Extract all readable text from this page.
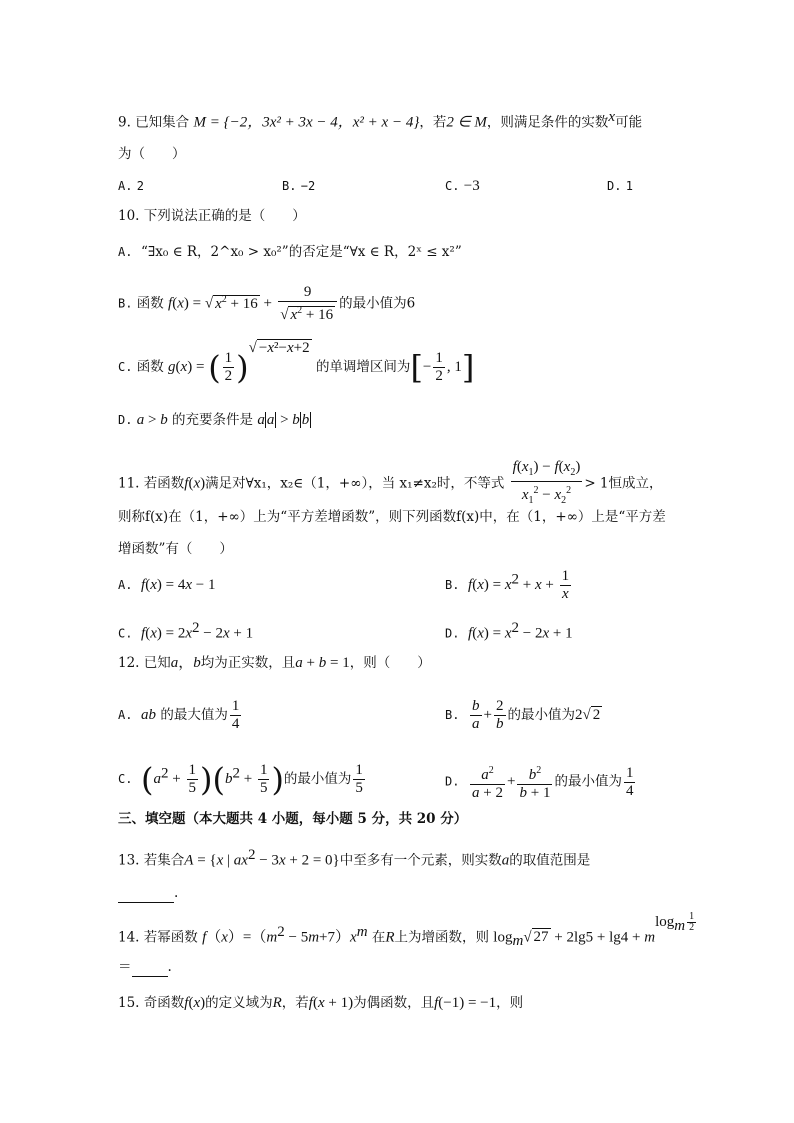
9. 已知集合 M = {−2，3x² + 3x − 4，x² + x − 4}，若2 ∈ M，则满足条件的实数$^x$可能
为（　　）
A. 2	B. −2	C. −3	D. 1
10. 下列说法正确的是（　　）
A. “∃x₀ ∈ R，2^x₀ > x₀²”的否定是“∀x ∈ R，2ˣ ≤ x²”
B. 函数 f(x) = √ $x^2 + 16 + \frac{9}{√ x^2 + 16}$ 的最小值为6
C. 函数 g(x) = ( $\frac{1}{2} )^{√ -x^2-x+2}$ 的单调增区间为[− $\frac{1}{2}$ , 1]
D. a > b 的充要条件是 a a > b b
11. 若函数f(x)满足对∀x₁，x₂∈（1，+∞），当 x₁≠x₂时，不等式 $\frac{f(x_1) - f(x_2)}{x_1^2 - x_2^2} > 1$恒成立，
则称f(x)在（1，+∞）上为“平方差增函数”，则下列函数f(x)中，在（1，+∞）上是“平方差
增函数”有（　　）
A. f(x) = 4x − 1	B. $f(x) = x^2 + x + \frac{1}{x}$
C. $f(x) = 2x^2 - 2x + 1$	D. $f(x) = x^2 - 2x + 1$
12. 已知a，b均为正实数，且a + b = 1，则（　　）
A. ab 的最大值为 $\frac{1}{4}$	B. $\frac{b}{a} + \frac{2}{b}$ 的最小值为2√ 2
C. $(a^2 + \frac{1}{5} )(b^2 + \frac{1}{5}$ )的最小值为 $\frac{1}{5}$	D. $\frac{a^2}{a + 2} + \frac{b^2}{b + 1}$ 的最小值为 $\frac{1}{4}$
三、填空题（本大题共 4 小题，每小题 5 分，共 20 分）
13. 若集合A = {x | $ax^2 - 3x + 2 = 0$}中至多有一个元素，则实数a的取值范围是
.
14. 若幂函数 $f(x)=(m^2 - 5m+7)x^m$ 在R上为增函数，则 $\log_m√$ $27 + 2\lg 5 + \lg 4 + m^{log_m \frac{1}{2}}$
＝	.
15. 奇函数f(x)的定义域为R，若f(x + 1)为偶函数，且f(−1) = −1，则
